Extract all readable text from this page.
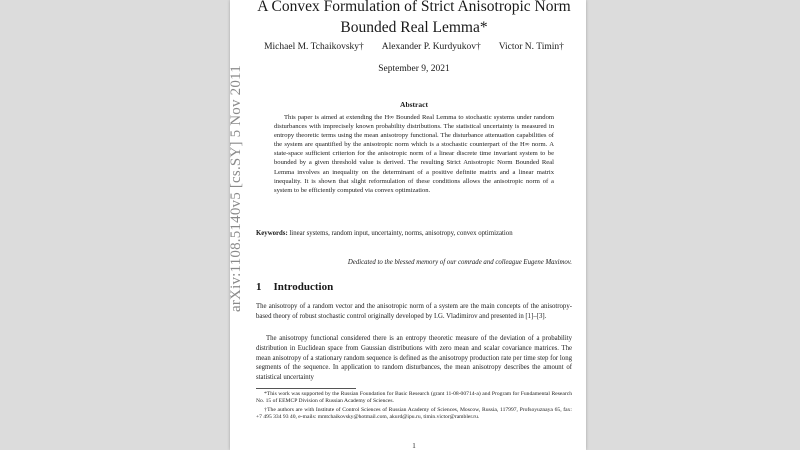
arXiv:1108.5140v5 [cs.SY] 5 Nov 2011
A Convex Formulation of Strict Anisotropic Norm Bounded Real Lemma*
Michael M. Tchaikovsky† Alexander P. Kurdyukov† Victor N. Timin†
September 9, 2021
Abstract
This paper is aimed at extending the H∞ Bounded Real Lemma to stochastic systems under random disturbances with imprecisely known probability distributions. The statistical uncertainty is measured in entropy theoretic terms using the mean anisotropy functional. The disturbance attenuation capabilities of the system are quantified by the anisotropic norm which is a stochastic counterpart of the H∞ norm. A state-space sufficient criterion for the anisotropic norm of a linear discrete time invariant system to be bounded by a given threshold value is derived. The resulting Strict Anisotropic Norm Bounded Real Lemma involves an inequality on the determinant of a positive definite matrix and a linear matrix inequality. It is shown that slight reformulation of these conditions allows the anisotropic norm of a system to be efficiently computed via convex optimization.
Keywords: linear systems, random input, uncertainty, norms, anisotropy, convex optimization
Dedicated to the blessed memory of our comrade and colleague Eugene Maximov.
1 Introduction
The anisotropy of a random vector and the anisotropic norm of a system are the main concepts of the anisotropy-based theory of robust stochastic control originally developed by I.G. Vladimirov and presented in [1]–[3].
The anisotropy functional considered there is an entropy theoretic measure of the deviation of a probability distribution in Euclidean space from Gaussian distributions with zero mean and scalar covariance matrices. The mean anisotropy of a stationary random sequence is defined as the anisotropy production rate per time step for long segments of the sequence. In application to random disturbances, the mean anisotropy describes the amount of statistical uncertainty
*This work was supported by the Russian Foundation for Basic Research (grant 11-08-00714-a) and Program for Fundamental Research No. 15 of EEMCP Division of Russian Academy of Sciences.
†The authors are with Institute of Control Sciences of Russian Academy of Sciences, Moscow, Russia, 117997, Profsoyuznaya 65, fax: +7 495 334 93 40, e-mails: mmtchaikovsky@hotmail.com, akurd@ipu.ru, timin.victor@rambler.ru.
1
